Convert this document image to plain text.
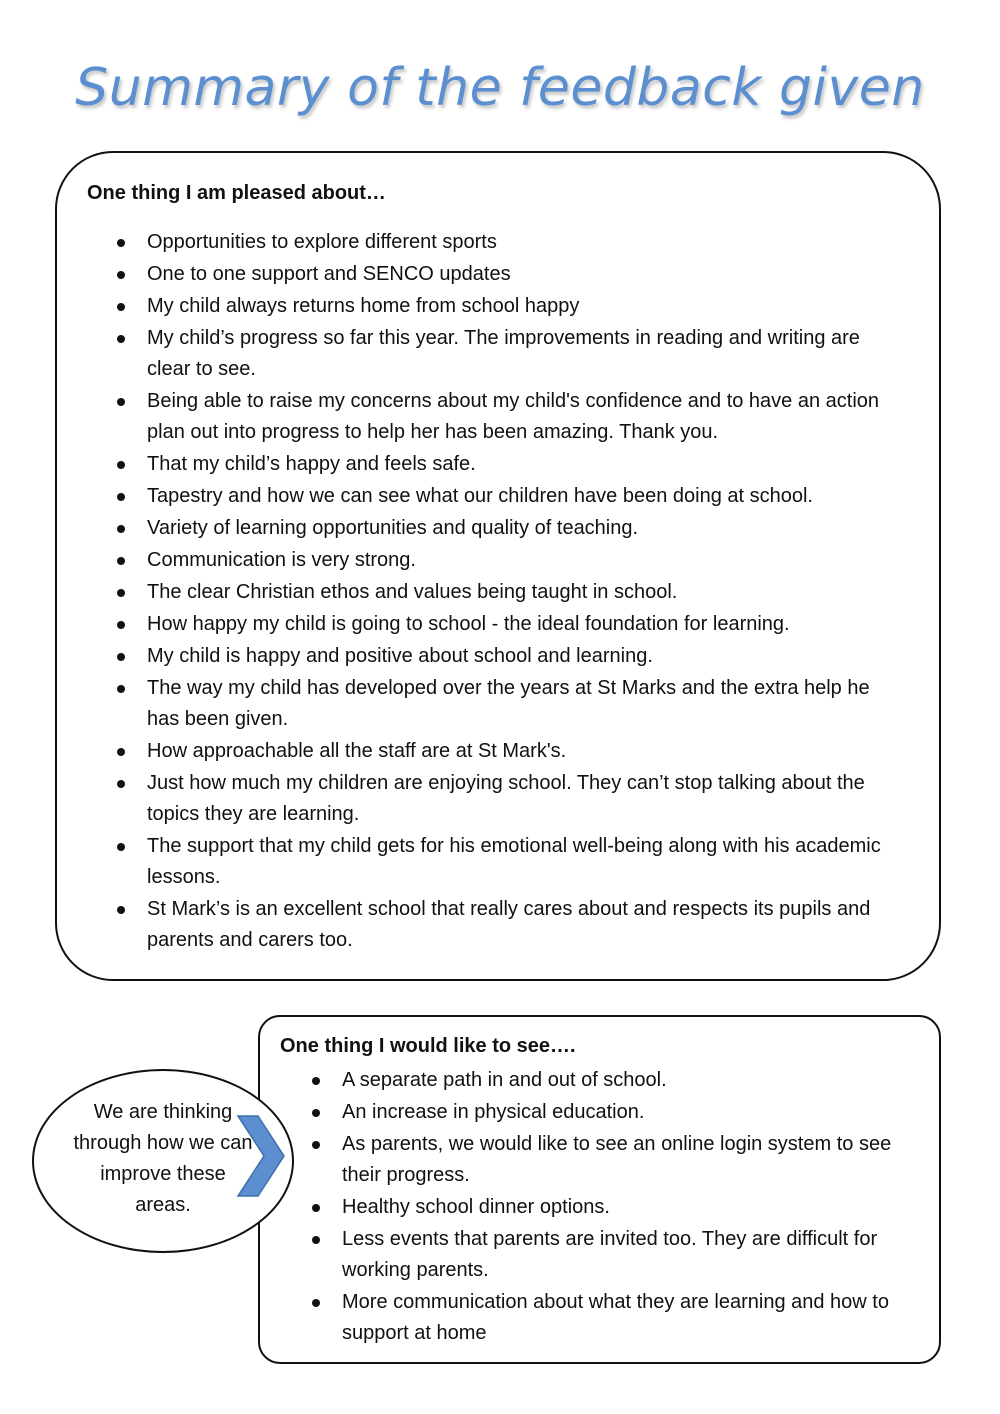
Summary of the feedback given
One thing I am pleased about…
Opportunities to explore different sports
One to one support and SENCO updates
My child always returns home from school happy
My child’s progress so far this year. The improvements in reading and writing are clear to see.
Being able to raise my concerns about my child's confidence and to have an action plan out into progress to help her has been amazing. Thank you.
That my child’s happy and feels safe.
Tapestry and how we can see what our children have been doing at school.
Variety of learning opportunities and quality of teaching.
Communication is very strong.
The clear Christian ethos and values being taught in school.
How happy my child is going to school - the ideal foundation for learning.
My child is happy and positive about school and learning.
The way my child has developed over the years at St Marks and the extra help he has been given.
How approachable all the staff are at St Mark's.
Just how much my children are enjoying school. They can’t stop talking about the topics they are learning.
The support that my child gets for his emotional well-being along with his academic lessons.
St Mark’s is an excellent school that really cares about and respects its pupils and parents and carers too.
One thing I would like to see….
A separate path in and out of school.
An increase in physical education.
As parents, we would like to see an online login system to see their progress.
Healthy school dinner options.
Less events that parents are invited too. They are difficult for working parents.
More communication about what they are learning and how to support at home
We are thinking through how we can improve these areas.
